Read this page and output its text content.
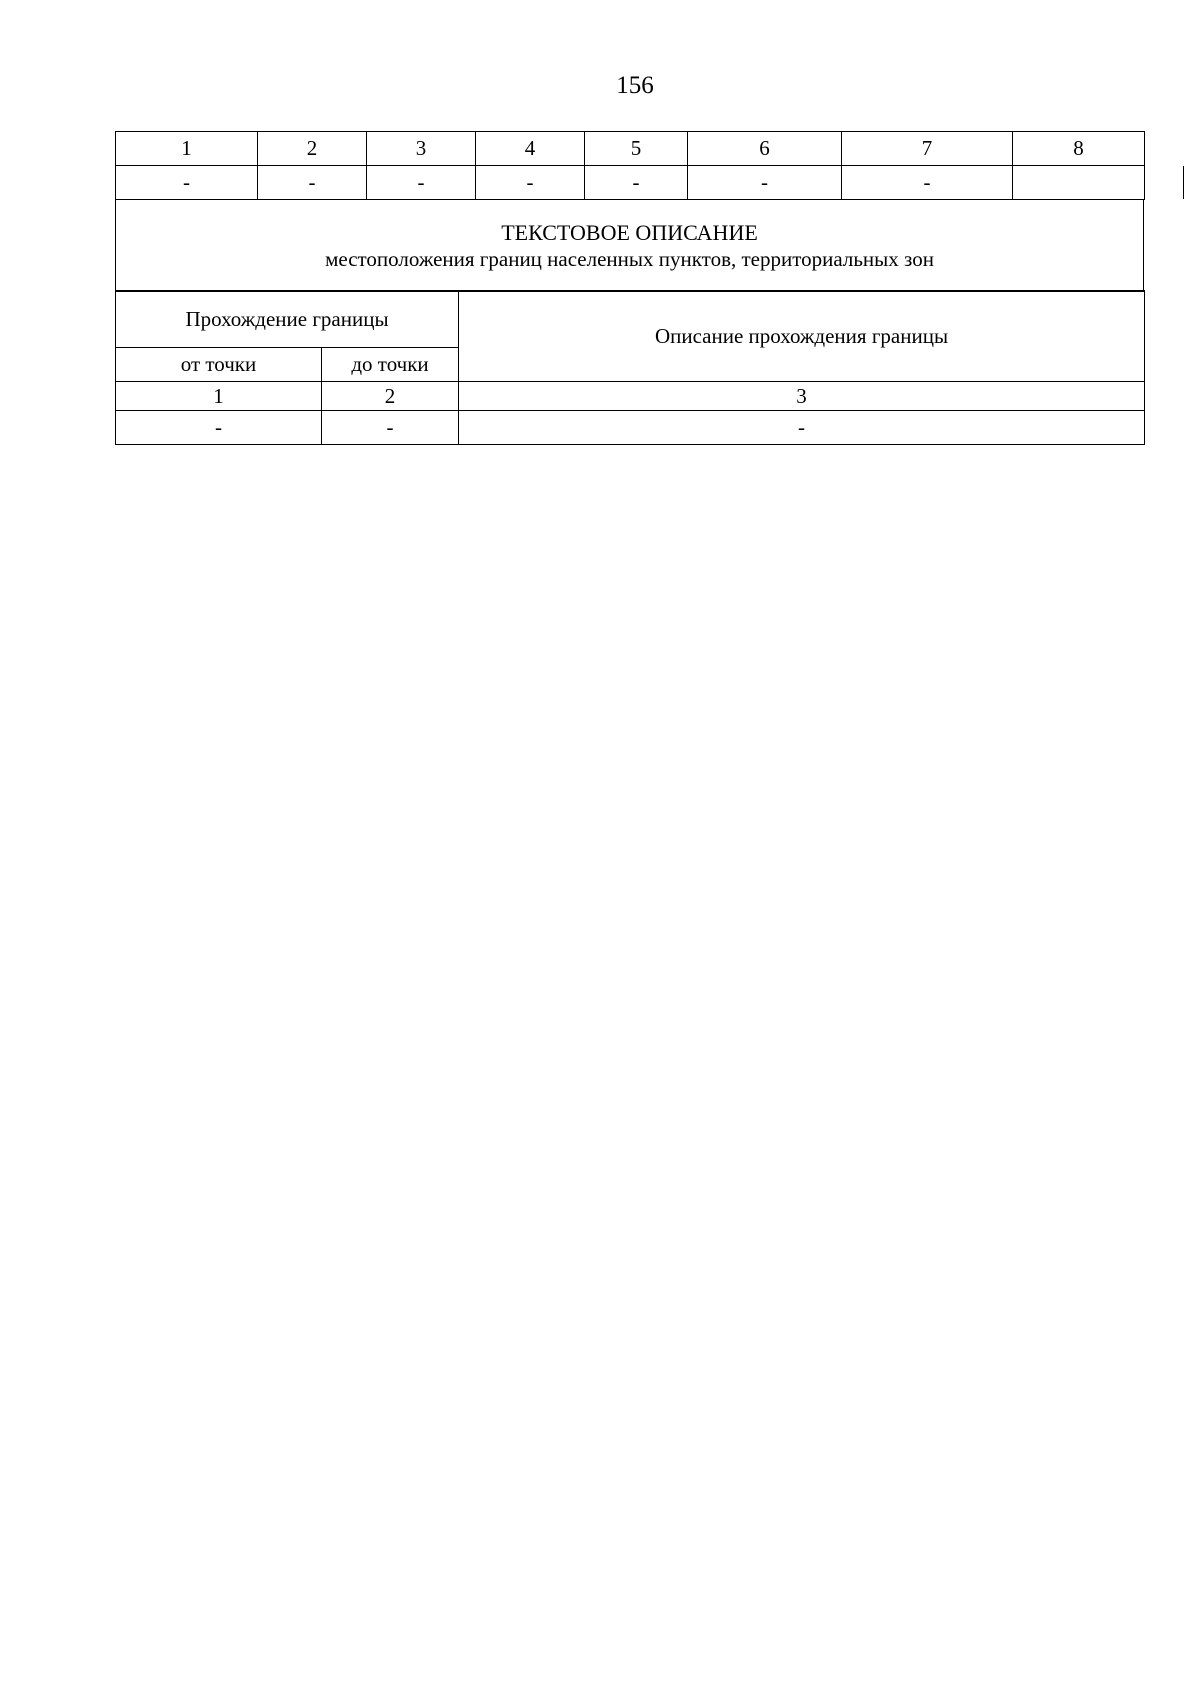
156
1	2	3	4	5	6	7	8
-	-	-	-	-	-	-	
ТЕКСТОВОЕ ОПИСАНИЕ
местоположения границ населенных пунктов, территориальных зон
Прохождение границы		Описание прохождения границы
от точки	до точки	
1	2	3
-	-	-
